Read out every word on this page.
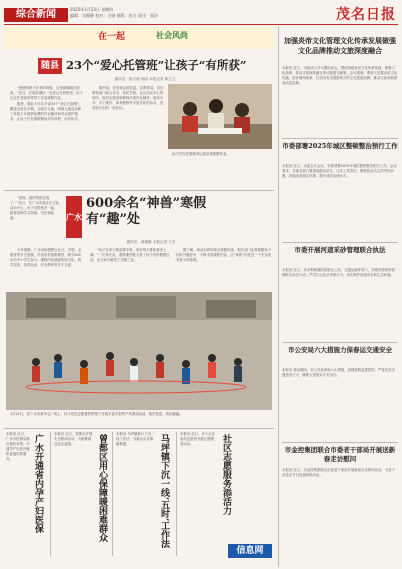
综合新闻	2025年1月23日 星期四
编辑：吴静静 校对：王刚 排版：彭吉 责任：郑洁	茂名日报
在一起	社会风尚
随县 23个“爱心托管班”让孩子“有所获”
通讯员：杨文涛 杨丽 本报记者 陈卫卫

“爸爸妈妈不在家的时候，这里就像我们的家。”近日，在随县城区一处爱心托管班里，孩子们正在老师的带领下完成寒假作业。

据悉，随县今年共开设23个“爱心托管班”，覆盖全县各乡镇，为留守儿童、困境儿童及双职工家庭子女提供免费的学业辅导和安全看护服务，让孩子们在寒假期间学有所教、玩有所乐。

据介绍，托管班由团县委、县教育局、县妇联等部门联合开办，依托学校、社区活动中心等场所，组织志愿者和教师开展作业辅导、阅读分享、手工制作、体育锻炼等丰富多彩的活动，受到家长们的一致好评。

孩子们在托管班内认真完成寒假作业。
广水
600余名“神兽”寒假有“趣”处
通讯员：黄雅琳 本报记者 王芳

“老师，我的剪纸完成了！”近日，在广水市某社区文化活动中心，孩子们围坐在一起，跟着老师学习剪纸、书法和绘画。

今年寒假，广水市积极整合社区、学校、志愿者等多方资源，开设各类寒假课堂，吸引600余名中小学生参与。课程内容涵盖传统文化、科学实验、体育运动、安全教育等多个方面。

“孩子在家只知道看手机，现在每天都盼着来上课。”一位家长说，寒假课堂既丰富了孩子们的假期生活，也为家长解决了后顾之忧。

据了解，该活动将持续至寒假结束，相关部门还将根据孩子们的兴趣爱好，不断丰富课程内容，让“神兽”们度过一个充实而有意义的寒假。

1月21日，在广水市某中心广场上，孩子们在志愿者的带领下开展丰富多彩的户外游戏活动，欢声笑语，其乐融融。
本报讯 近日，广水市医保局推出便民举措，开通孕产妇省内就医直接结算服务。	广水开通省内孕产妇医保	本报讯 近日，曾都区开展走访慰问活动，为困难群众送去温暖。	曾都区用心保障暖困难群众	本报讯 马坪镇推行下沉一线工作法，为群众办实事解难题。	马坪镇下沉一线‘五时’工作法	本报讯 近日，多个社区组织志愿者开展志愿服务活动。	社区志愿服务添活力
信息网
加强炎帝文化管理文化传承发展做强文化品牌推动文旅深度融合
本报讯 近日，市政协召开专题协商会，围绕加强炎帝文化传承发展、做强文化品牌、推动文旅深度融合等议题建言献策。会议强调，要深入挖掘炎帝文化内涵，讲好随州故事，打造具有全国影响力的文化旅游品牌，推动文化和旅游高质量发展。
市委部署2025年城区整顿整治预行工作
本报讯 近日，市委召开会议，安排部署2025年城区整顿整治相关工作。会议要求，各地各部门要提高政治站位，压实工作责任，聚焦群众关注的突出问题，持续改善城区环境，提升城市治理水平。
市委开展河道采砂管理联合执法
本报讯 近日，市水利和湖泊局联合公安、交通运输等部门，开展河道采砂管理联合执法行动，严厉打击非法采砂行为，切实维护河道安全和生态环境。
市公安局六大措施力保春运交通安全
本报讯 春运期间，市公安局采取六大措施，加强道路巡逻管控，严查各类交通违法行为，确保人民群众平安出行。
市金控集团联合市委老干部局开展送新春走访慰问
本报讯 近日，市金控集团联合市委老干部局开展新春走访慰问活动，为老干部送去节日祝福和慰问品。
